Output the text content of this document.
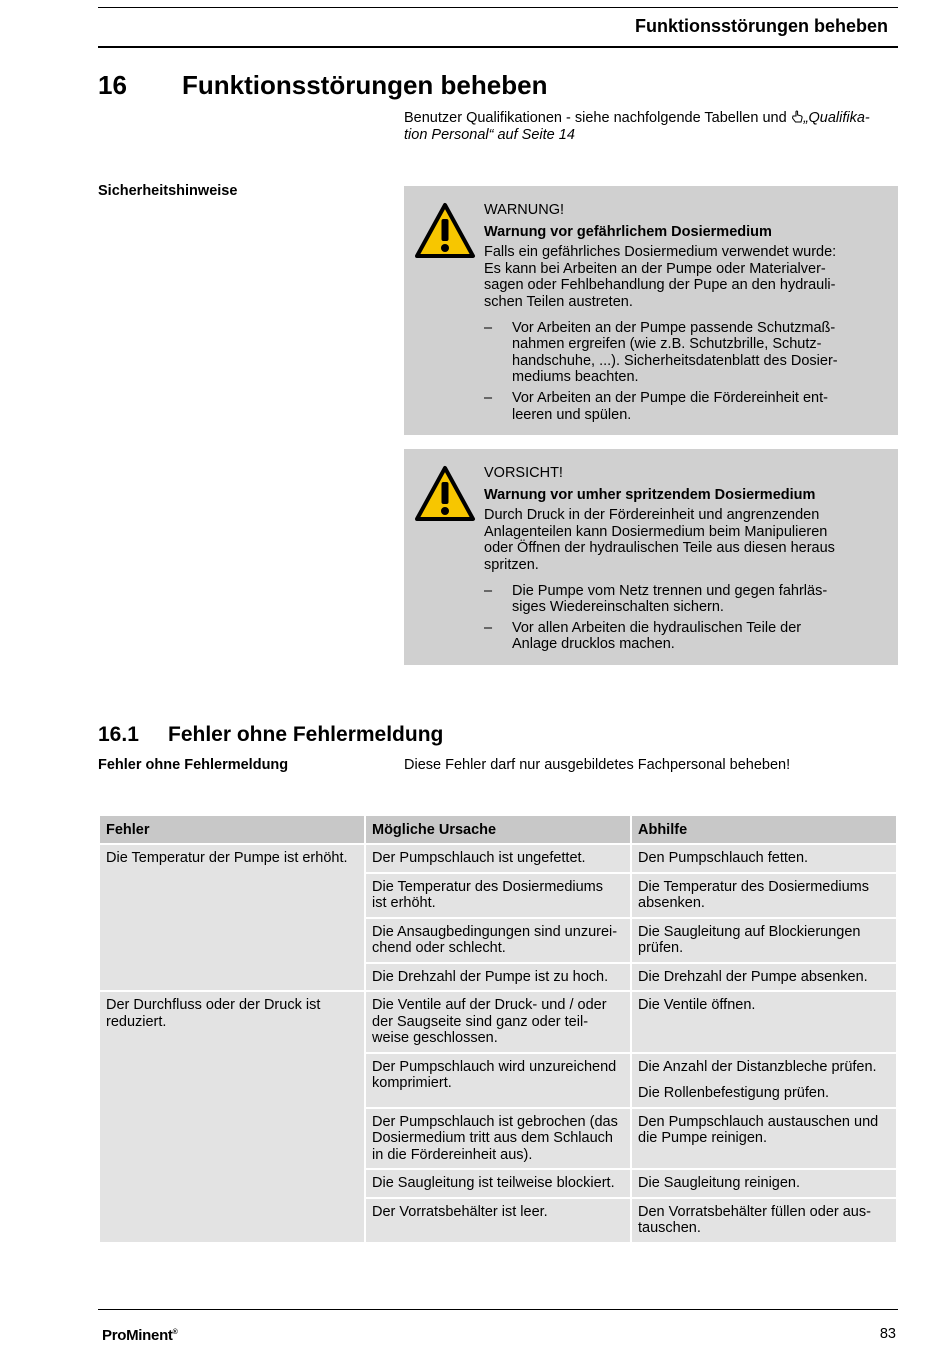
Funktionsstörungen beheben
16 Funktionsstörungen beheben
Benutzer Qualifikationen - siehe nachfolgende Tabellen und „Qualifika-
tion Personal“ auf Seite 14
Sicherheitshinweise
WARNUNG!
Warnung vor gefährlichem Dosiermedium
Falls ein gefährliches Dosiermedium verwendet wurde:
Es kann bei Arbeiten an der Pumpe oder Materialver-
sagen oder Fehlbehandlung der Pupe an den hydrauli-
schen Teilen austreten.
– Vor Arbeiten an der Pumpe passende Schutzmaß-
nahmen ergreifen (wie z.B. Schutzbrille, Schutz-
handschuhe, ...). Sicherheitsdatenblatt des Dosier-
mediums beachten.
– Vor Arbeiten an der Pumpe die Fördereinheit ent-
leeren und spülen.
VORSICHT!
Warnung vor umher spritzendem Dosiermedium
Durch Druck in der Fördereinheit und angrenzenden
Anlagenteilen kann Dosiermedium beim Manipulieren
oder Öffnen der hydraulischen Teile aus diesen heraus
spritzen.
– Die Pumpe vom Netz trennen und gegen fahrläs-
siges Wiedereinschalten sichern.
– Vor allen Arbeiten die hydraulischen Teile der
Anlage drucklos machen.
16.1 Fehler ohne Fehlermeldung
Fehler ohne Fehlermeldung	Diese Fehler darf nur ausgebildetes Fachpersonal beheben!
Fehler	Mögliche Ursache	Abhilfe
Die Temperatur der Pumpe ist erhöht.	Der Pumpschlauch ist ungefettet.	Den Pumpschlauch fetten.
	Die Temperatur des Dosiermediums
ist erhöht.	Die Temperatur des Dosiermediums
absenken.
	Die Ansaugbedingungen sind unzurei-
chend oder schlecht.	Die Saugleitung auf Blockierungen
prüfen.
	Die Drehzahl der Pumpe ist zu hoch.	Die Drehzahl der Pumpe absenken.
Der Durchfluss oder der Druck ist
reduziert.	Die Ventile auf der Druck- und / oder
der Saugseite sind ganz oder teil-
weise geschlossen.	Die Ventile öffnen.
	Der Pumpschlauch wird unzureichend
komprimiert.	Die Anzahl der Distanzbleche prüfen.
Die Rollenbefestigung prüfen.

	Der Pumpschlauch ist gebrochen (das
Dosiermedium tritt aus dem Schlauch
in die Fördereinheit aus).	Den Pumpschlauch austauschen und
die Pumpe reinigen.
	Die Saugleitung ist teilweise blockiert.	Die Saugleitung reinigen.
	Der Vorratsbehälter ist leer.	Den Vorratsbehälter füllen oder aus-
tauschen.
ProMinent®	83
